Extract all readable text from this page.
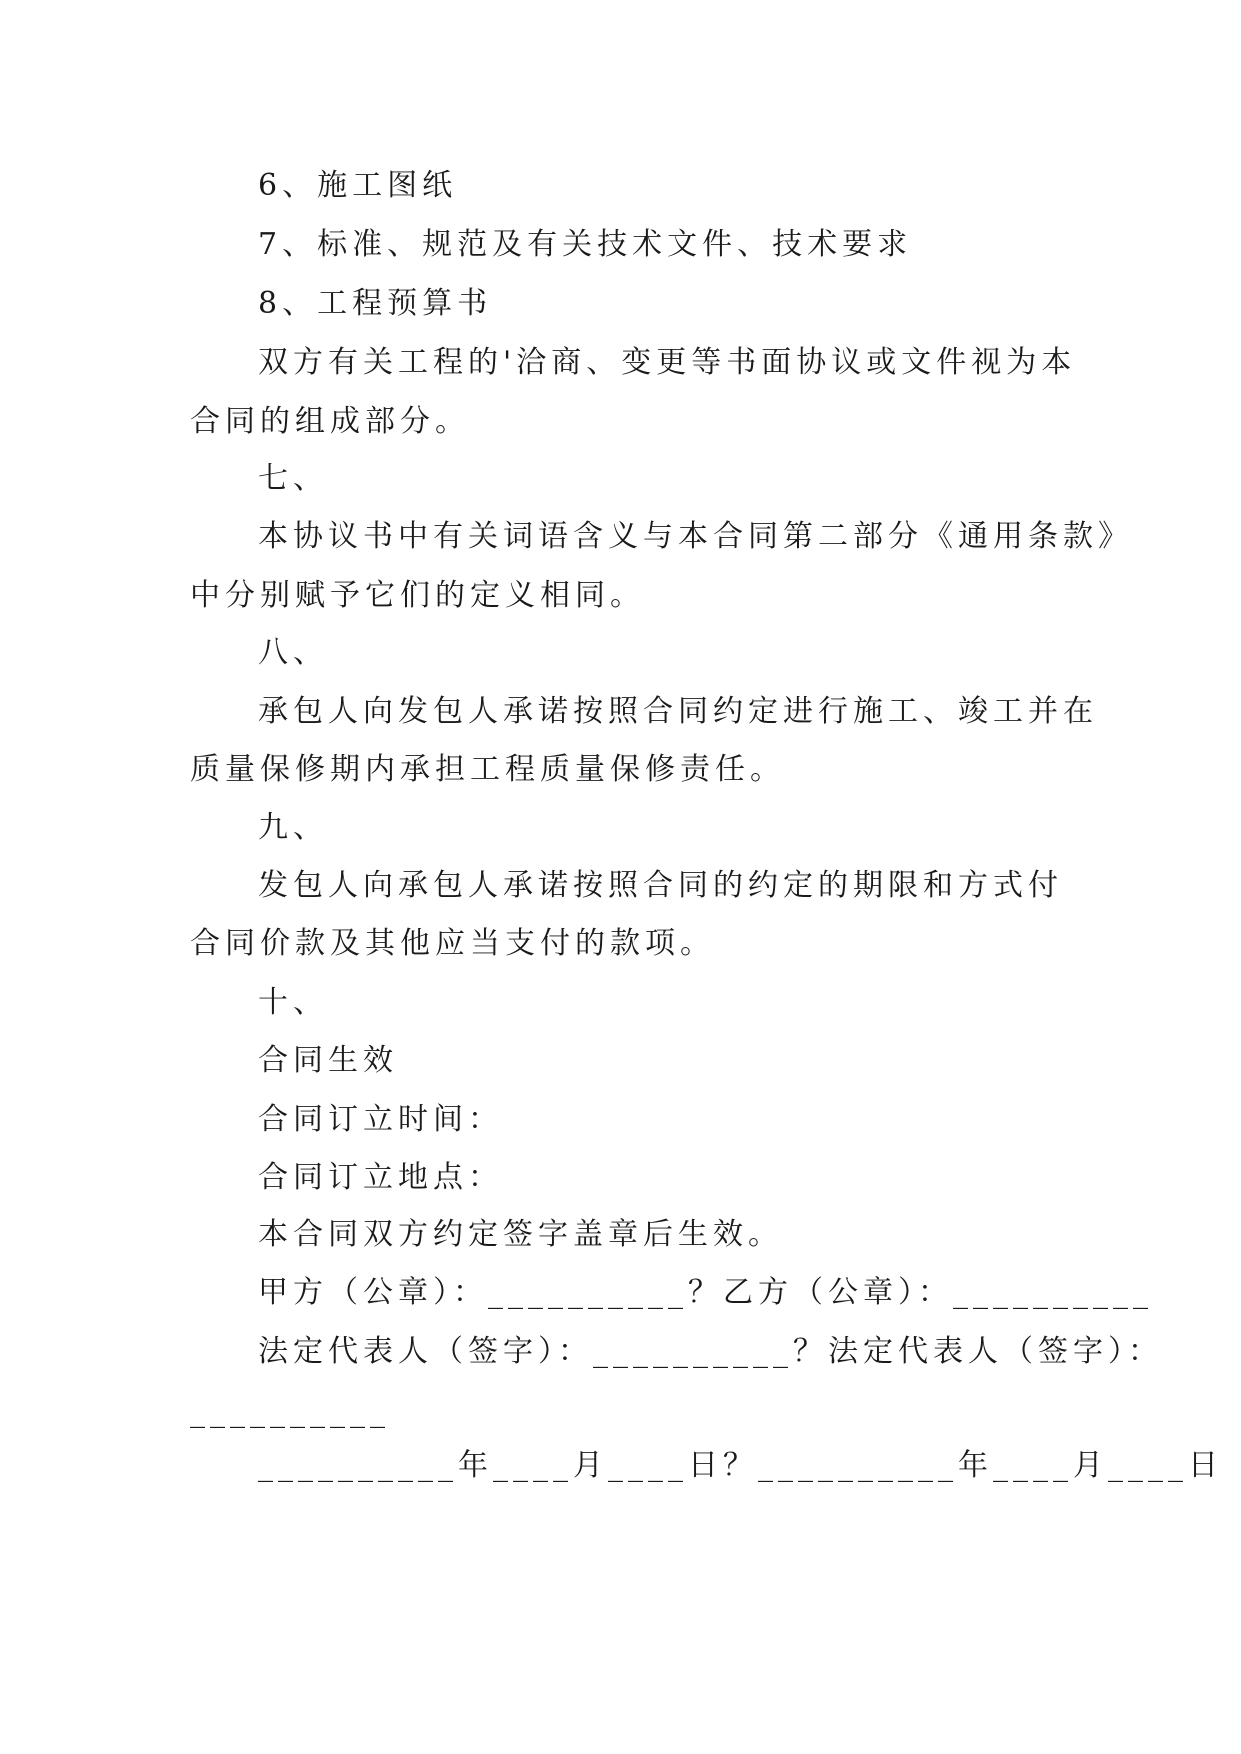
6、施工图纸
7、标准、规范及有关技术文件、技术要求
8、工程预算书
双方有关工程的'洽商、变更等书面协议或文件视为本
合同的组成部分。
七、
本协议书中有关词语含义与本合同第二部分《通用条款》
中分别赋予它们的定义相同。
八、
承包人向发包人承诺按照合同约定进行施工、竣工并在
质量保修期内承担工程质量保修责任。
九、
发包人向承包人承诺按照合同的约定的期限和方式付
合同价款及其他应当支付的款项。
十、
合同生效
合同订立时间：
合同订立地点：
本合同双方约定签字盖章后生效。
甲方（公章）：__________？乙方（公章）：__________
法定代表人（签字）：__________？法定代表人（签字）：
__________
__________年____月____日？__________年____月____日
